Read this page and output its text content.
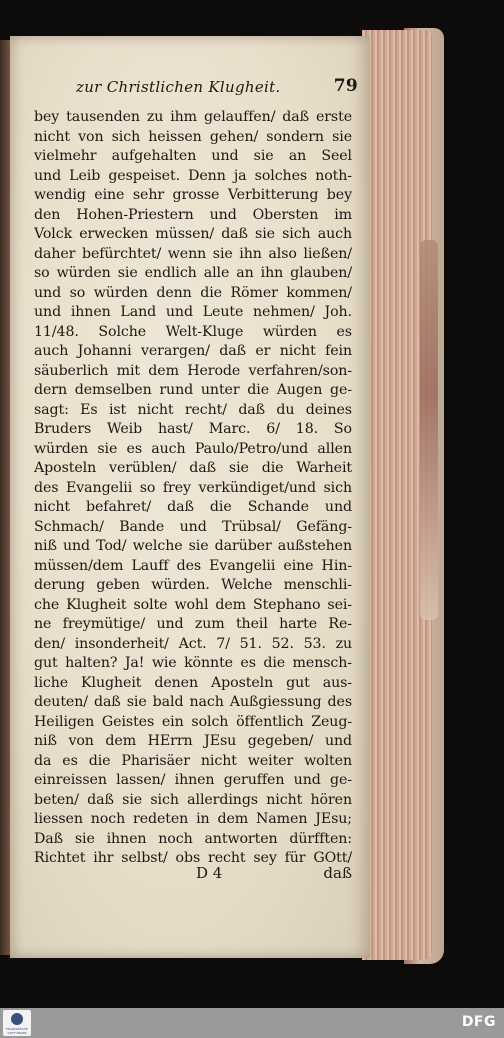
zur Christlichen Klugheit.	79
bey tausenden zu ihm gelauffen/ daß erste
nicht von sich heissen gehen/ sondern sie
vielmehr aufgehalten und sie an Seel
und Leib gespeiset. Denn ja solches noth-
wendig eine sehr grosse Verbitterung bey
den Hohen-Priestern und Obersten im
Volck erwecken müssen/ daß sie sich auch
daher befürchtet/ wenn sie ihn also ließen/
so würden sie endlich alle an ihn glauben/
und so würden denn die Römer kommen/
und ihnen Land und Leute nehmen/ Joh.
11/48. Solche Welt-Kluge würden es
auch Johanni verargen/ daß er nicht fein
säuberlich mit dem Herode verfahren/son-
dern demselben rund unter die Augen ge-
sagt: Es ist nicht recht/ daß du deines
Bruders Weib hast/ Marc. 6/ 18. So
würden sie es auch Paulo/Petro/und allen
Aposteln verüblen/ daß sie die Warheit
des Evangelii so frey verkündiget/und sich
nicht befahret/ daß die Schande und
Schmach/ Bande und Trübsal/ Gefäng-
niß und Tod/ welche sie darüber außstehen
müssen/dem Lauff des Evangelii eine Hin-
derung geben würden. Welche menschli-
che Klugheit solte wohl dem Stephano sei-
ne freymütige/ und zum theil harte Re-
den/ insonderheit/ Act. 7/ 51. 52. 53. zu
gut halten? Ja! wie könnte es die mensch-
liche Klugheit denen Aposteln gut aus-
deuten/ daß sie bald nach Außgiessung des
Heiligen Geistes ein solch öffentlich Zeug-
niß von dem HErrn JEsu gegeben/ und
da es die Pharisäer nicht weiter wolten
einreissen lassen/ ihnen geruffen und ge-
beten/ daß sie sich allerdings nicht hören
liessen noch redeten in dem Namen JEsu;
Daß sie ihnen noch antworten dürfften:
Richtet ihr selbst/ obs recht sey für GOtt/
D 4	daß
FRANCKESCHE
STIFTUNGEN
DFG
